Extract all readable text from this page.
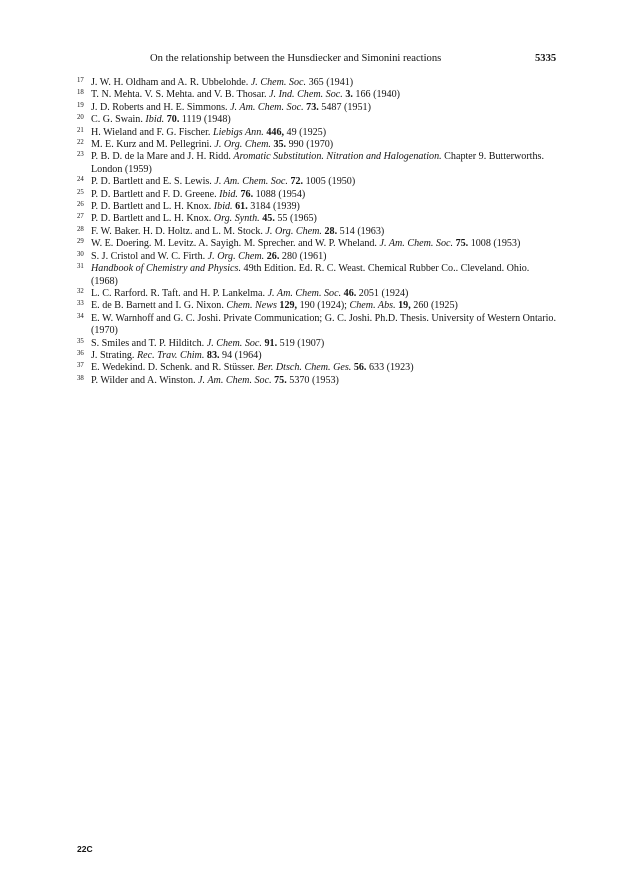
On the relationship between the Hunsdiecker and Simonini reactions	5335
17 J. W. H. Oldham and A. R. Ubbelohde. J. Chem. Soc. 365 (1941)
18 T. N. Mehta. V. S. Mehta. and V. B. Thosar. J. Ind. Chem. Soc. 3. 166 (1940)
19 J. D. Roberts and H. E. Simmons. J. Am. Chem. Soc. 73. 5487 (1951)
20 C. G. Swain. Ibid. 70. 1119 (1948)
21 H. Wieland and F. G. Fischer. Liebigs Ann. 446, 49 (1925)
22 M. E. Kurz and M. Pellegrini. J. Org. Chem. 35. 990 (1970)
23 P. B. D. de la Mare and J. H. Ridd. Aromatic Substitution. Nitration and Halogenation. Chapter 9. Butterworths. London (1959)
24 P. D. Bartlett and E. S. Lewis. J. Am. Chem. Soc. 72. 1005 (1950)
25 P. D. Bartlett and F. D. Greene. Ibid. 76. 1088 (1954)
26 P. D. Bartlett and L. H. Knox. Ibid. 61. 3184 (1939)
27 P. D. Bartlett and L. H. Knox. Org. Synth. 45. 55 (1965)
28 F. W. Baker. H. D. Holtz. and L. M. Stock. J. Org. Chem. 28. 514 (1963)
29 W. E. Doering. M. Levitz. A. Sayigh. M. Sprecher. and W. P. Wheland. J. Am. Chem. Soc. 75. 1008 (1953)
30 S. J. Cristol and W. C. Firth. J. Org. Chem. 26. 280 (1961)
31 Handbook of Chemistry and Physics. 49th Edition. Ed. R. C. Weast. Chemical Rubber Co.. Cleveland. Ohio. (1968)
32 L. C. Rarford. R. Taft. and H. P. Lankelma. J. Am. Chem. Soc. 46. 2051 (1924)
33 E. de B. Barnett and I. G. Nixon. Chem. News 129, 190 (1924); Chem. Abs. 19, 260 (1925)
34 E. W. Warnhoff and G. C. Joshi. Private Communication; G. C. Joshi. Ph.D. Thesis. University of Western Ontario. (1970)
35 S. Smiles and T. P. Hilditch. J. Chem. Soc. 91. 519 (1907)
36 J. Strating. Rec. Trav. Chim. 83. 94 (1964)
37 E. Wedekind. D. Schenk. and R. Stüsser. Ber. Dtsch. Chem. Ges. 56. 633 (1923)
38 P. Wilder and A. Winston. J. Am. Chem. Soc. 75. 5370 (1953)
22C
